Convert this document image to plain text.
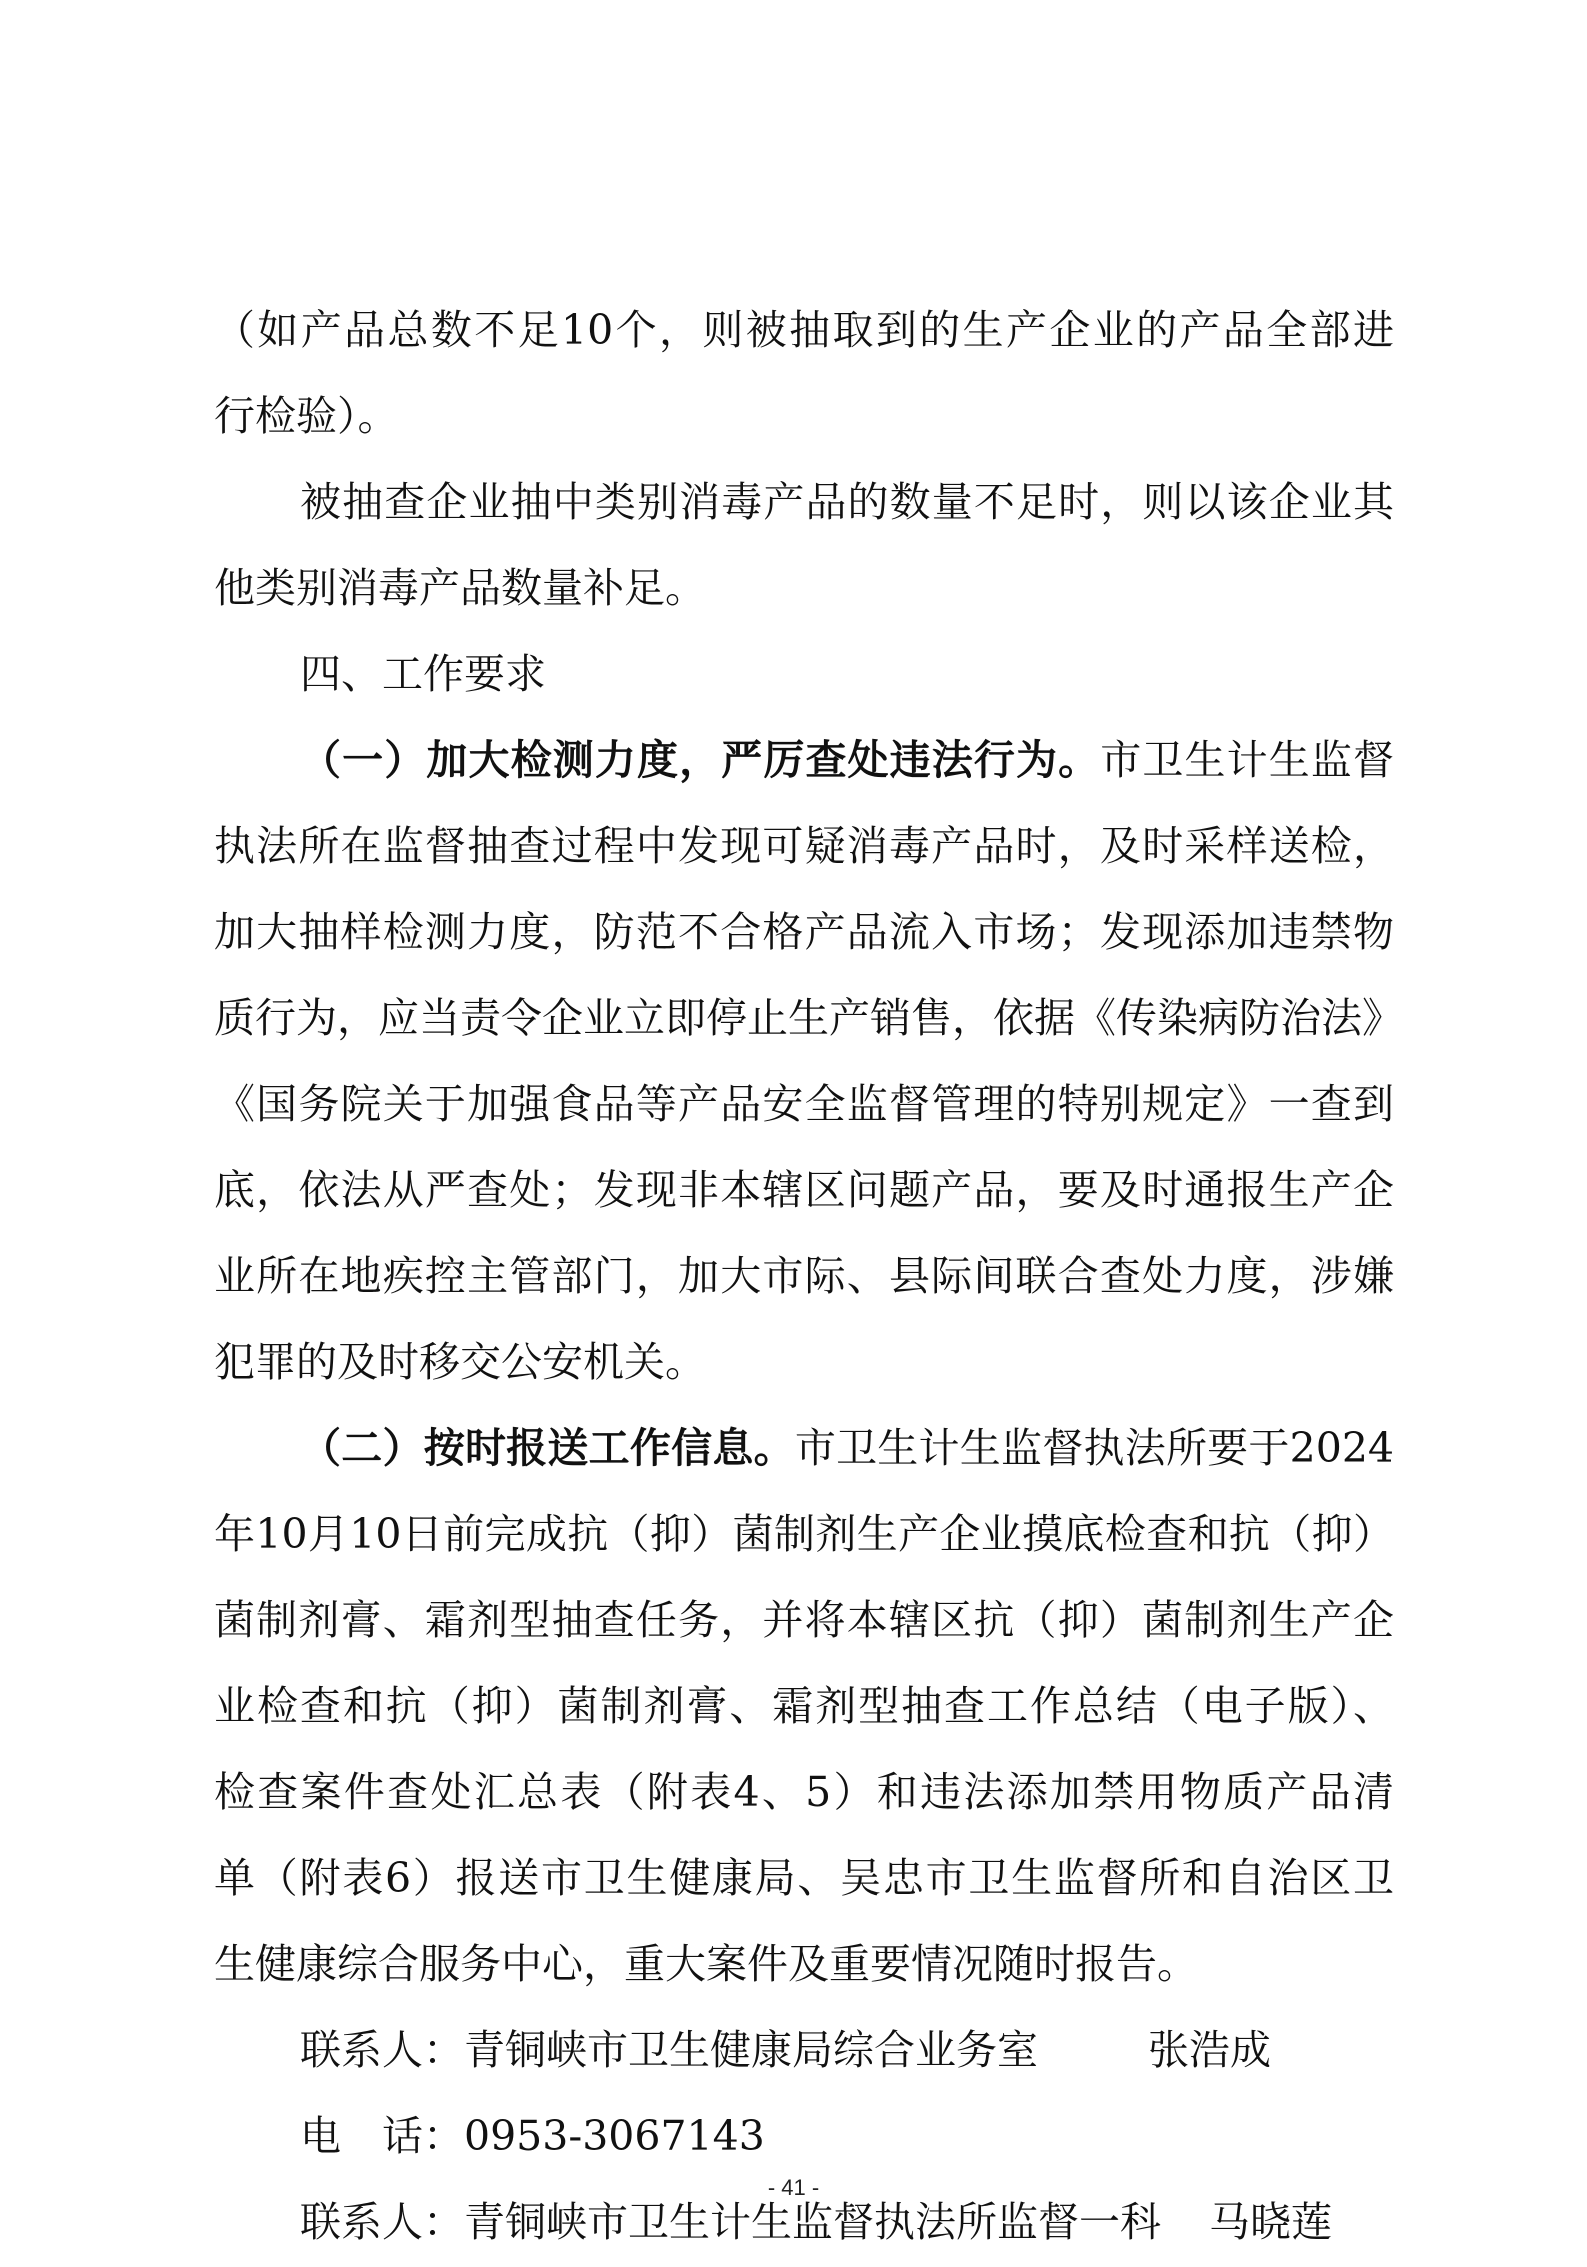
（如产品总数不足10个，则被抽取到的生产企业的产品全部进
行检验）。
被抽查企业抽中类别消毒产品的数量不足时，则以该企业其
他类别消毒产品数量补足。
四、工作要求
（一）加大检测力度，严厉查处违法行为。市卫生计生监督
执法所在监督抽查过程中发现可疑消毒产品时，及时采样送检，
加大抽样检测力度，防范不合格产品流入市场；发现添加违禁物
质行为，应当责令企业立即停止生产销售，依据《传染病防治法》
《国务院关于加强食品等产品安全监督管理的特别规定》一查到
底，依法从严查处；发现非本辖区问题产品，要及时通报生产企
业所在地疾控主管部门，加大市际、县际间联合查处力度，涉嫌
犯罪的及时移交公安机关。
（二）按时报送工作信息。市卫生计生监督执法所要于2024
年10月10日前完成抗（抑）菌制剂生产企业摸底检查和抗（抑）
菌制剂膏、霜剂型抽查任务，并将本辖区抗（抑）菌制剂生产企
业检查和抗（抑）菌制剂膏、霜剂型抽查工作总结（电子版）、
检查案件查处汇总表（附表4、5）和违法添加禁用物质产品清
单（附表6）报送市卫生健康局、吴忠市卫生监督所和自治区卫
生健康综合服务中心，重大案件及重要情况随时报告。
联系人：青铜峡市卫生健康局综合业务室	张浩成
电　话：0953-3067143
联系人：青铜峡市卫生计生监督执法所监督一科 马晓莲
- 41 -
